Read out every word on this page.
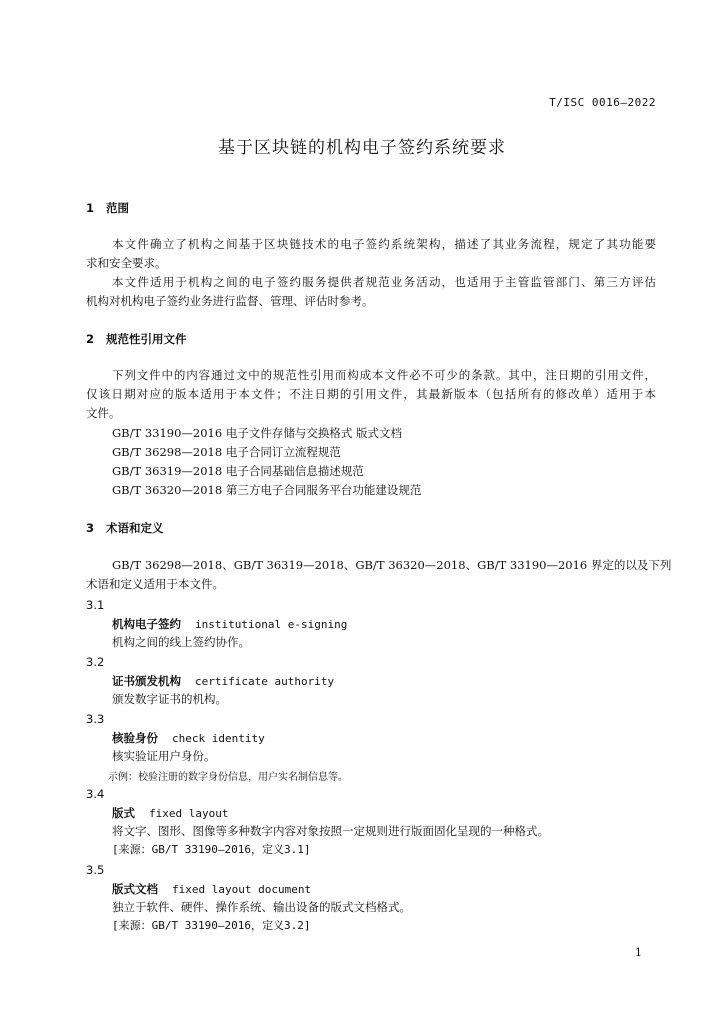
T/ISC 0016—2022
基于区块链的机构电子签约系统要求
1 范围
本文件确立了机构之间基于区块链技术的电子签约系统架构，描述了其业务流程，规定了其功能要
求和安全要求。
本文件适用于机构之间的电子签约服务提供者规范业务活动，也适用于主管监管部门、第三方评估
机构对机构电子签约业务进行监督、管理、评估时参考。
2 规范性引用文件
下列文件中的内容通过文中的规范性引用而构成本文件必不可少的条款。其中，注日期的引用文件，
仅该日期对应的版本适用于本文件；不注日期的引用文件，其最新版本（包括所有的修改单）适用于本
文件。
GB/T 33190—2016 电子文件存储与交换格式 版式文档
GB/T 36298—2018 电子合同订立流程规范
GB/T 36319—2018 电子合同基础信息描述规范
GB/T 36320—2018 第三方电子合同服务平台功能建设规范
3 术语和定义
GB/T 36298—2018、GB/T 36319—2018、GB/T 36320—2018、GB/T 33190—2016 界定的以及下列
术语和定义适用于本文件。
3.1
机构电子签约 institutional e-signing
机构之间的线上签约协作。
3.2
证书颁发机构 certificate authority
颁发数字证书的机构。
3.3
核验身份 check identity
核实验证用户身份。
示例：校验注册的数字身份信息，用户实名制信息等。
3.4
版式 fixed layout
将文字、图形、图像等多种数字内容对象按照一定规则进行版面固化呈现的一种格式。
[来源：GB/T 33190—2016，定义3.1]
3.5
版式文档 fixed layout document
独立于软件、硬件、操作系统、输出设备的版式文档格式。
[来源：GB/T 33190—2016，定义3.2]
1
